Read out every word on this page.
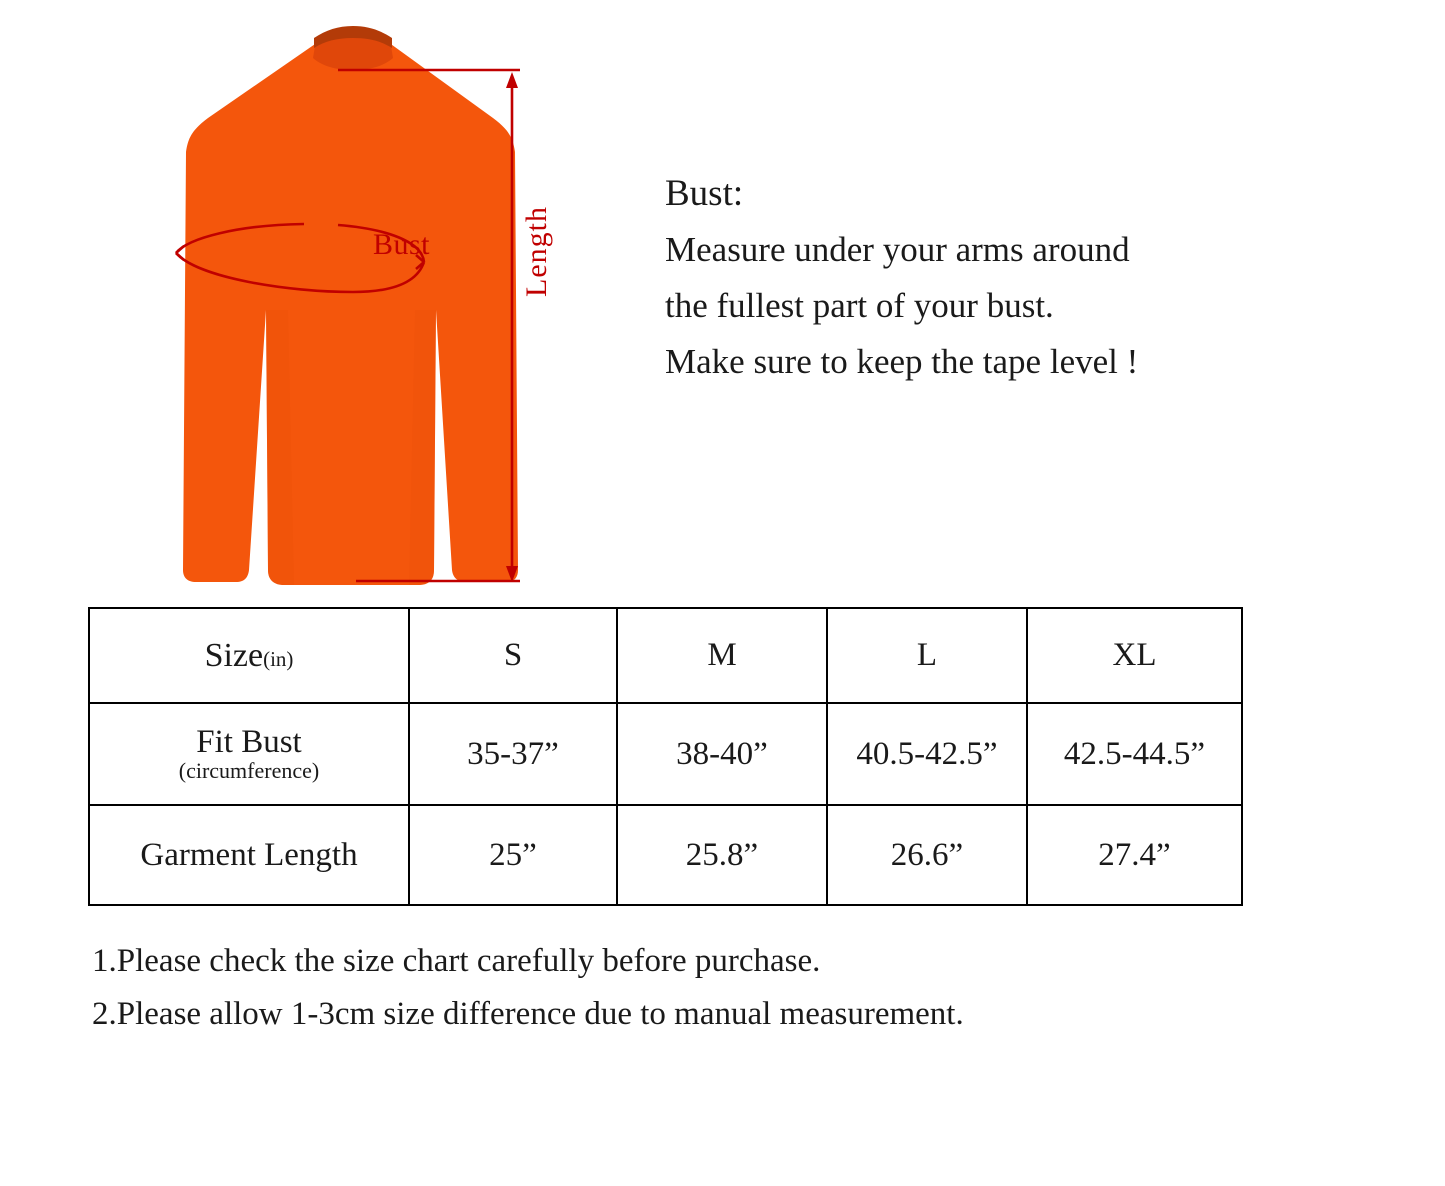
Bust	Length

Bust:

Measure under your arms around

the fullest part of your bust.

Make sure to keep the tape level !

Size(in)	S	M	L	XL

Fit Bust
(circumference)	35-37”	38-40”	40.5-42.5”	42.5-44.5”
Garment Length	25”	25.8”	26.6”	27.4”

1.Please check the size chart carefully before purchase.

2.Please allow 1-3cm size difference due to manual measurement.
